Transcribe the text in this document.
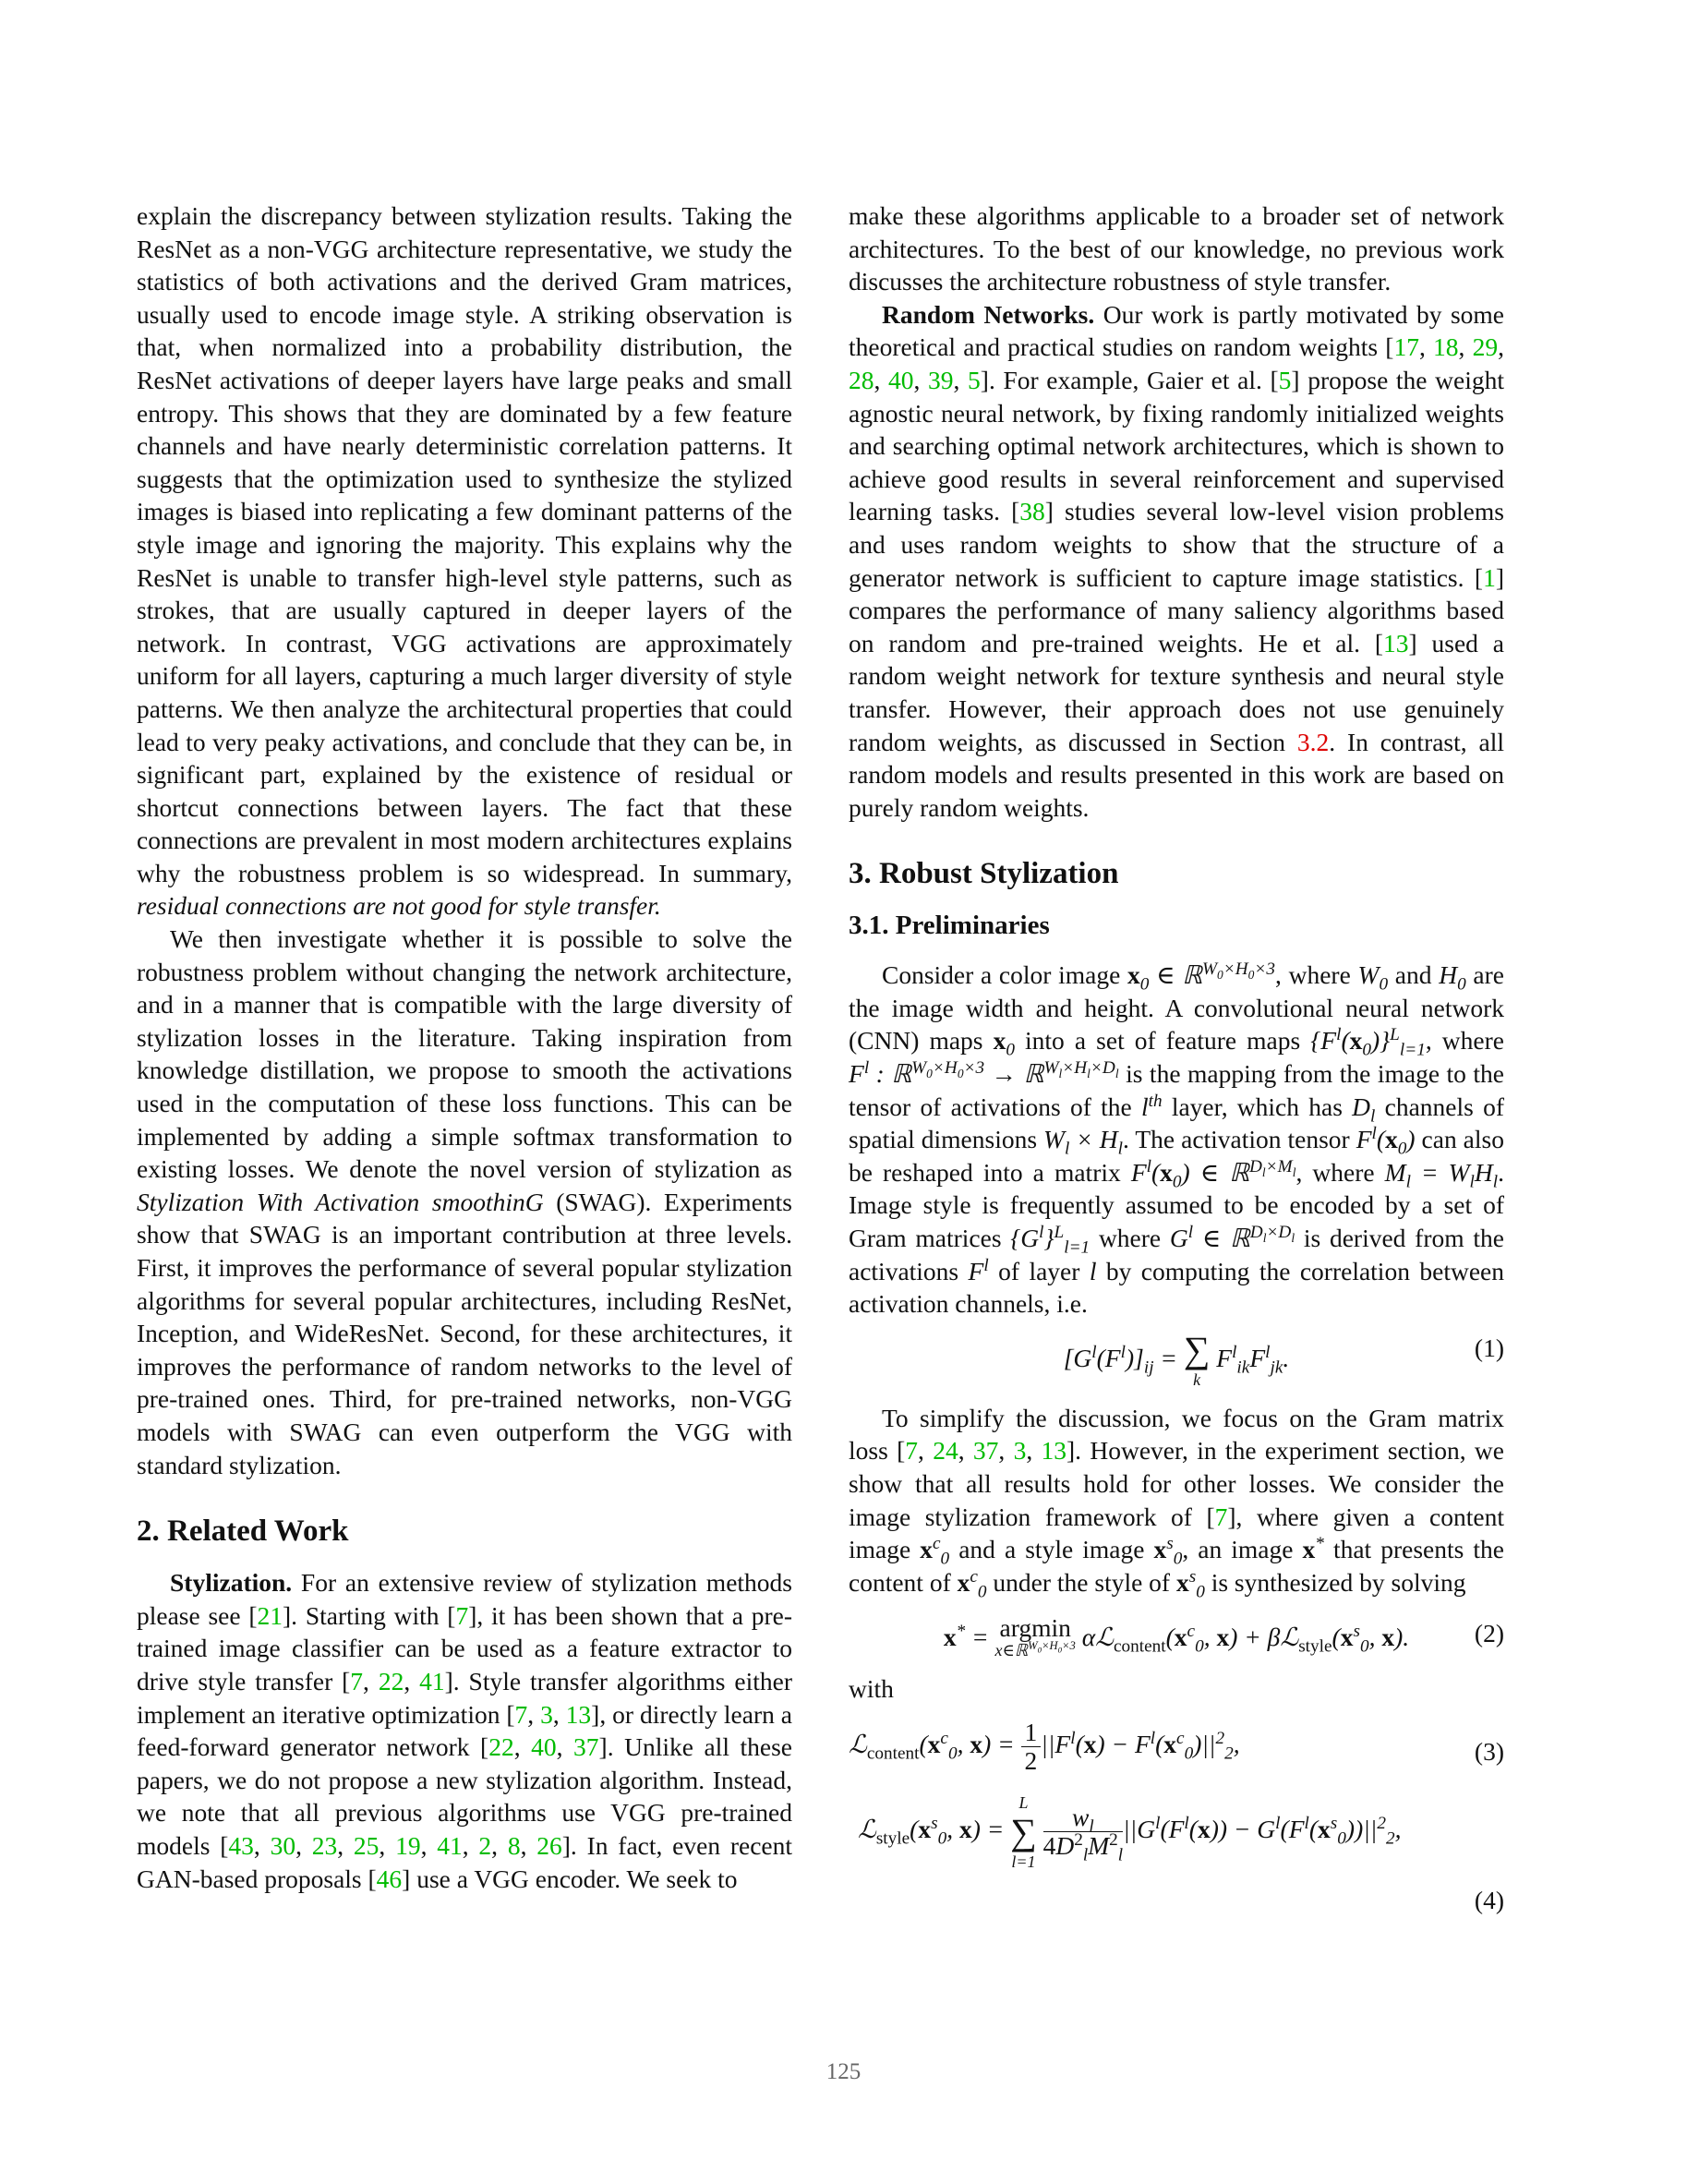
explain the discrepancy between stylization results. Taking the ResNet as a non-VGG architecture representative, we study the statistics of both activations and the derived Gram matrices, usually used to encode image style. A striking observation is that, when normalized into a probability distribution, the ResNet activations of deeper layers have large peaks and small entropy. This shows that they are dominated by a few feature channels and have nearly deterministic correlation patterns. It suggests that the optimization used to synthesize the stylized images is biased into replicating a few dominant patterns of the style image and ignoring the majority. This explains why the ResNet is unable to transfer high-level style patterns, such as strokes, that are usually captured in deeper layers of the network. In contrast, VGG activations are approximately uniform for all layers, capturing a much larger diversity of style patterns. We then analyze the architectural properties that could lead to very peaky activations, and conclude that they can be, in significant part, explained by the existence of residual or shortcut connections between layers. The fact that these connections are prevalent in most modern architectures explains why the robustness problem is so widespread. In summary, residual connections are not good for style transfer.

We then investigate whether it is possible to solve the robustness problem without changing the network architecture, and in a manner that is compatible with the large diversity of stylization losses in the literature. Taking inspiration from knowledge distillation, we propose to smooth the activations used in the computation of these loss functions. This can be implemented by adding a simple softmax transformation to existing losses. We denote the novel version of stylization as Stylization With Activation smoothinG (SWAG). Experiments show that SWAG is an important contribution at three levels. First, it improves the performance of several popular stylization algorithms for several popular architectures, including ResNet, Inception, and WideResNet. Second, for these architectures, it improves the performance of random networks to the level of pre-trained ones. Third, for pre-trained networks, non-VGG models with SWAG can even outperform the VGG with standard stylization.

2. Related Work

Stylization. For an extensive review of stylization methods please see [21]. Starting with [7], it has been shown that a pre-trained image classifier can be used as a feature extractor to drive style transfer [7, 22, 41]. Style transfer algorithms either implement an iterative optimization [7, 3, 13], or directly learn a feed-forward generator network [22, 40, 37]. Unlike all these papers, we do not propose a new stylization algorithm. Instead, we note that all previous algorithms use VGG pre-trained models [43, 30, 23, 25, 19, 41, 2, 8, 26]. In fact, even recent GAN-based proposals [46] use a VGG encoder. We seek to

make these algorithms applicable to a broader set of network architectures. To the best of our knowledge, no previous work discusses the architecture robustness of style transfer.

Random Networks. Our work is partly motivated by some theoretical and practical studies on random weights [17, 18, 29, 28, 40, 39, 5]. For example, Gaier et al. [5] propose the weight agnostic neural network, by fixing randomly initialized weights and searching optimal network architectures, which is shown to achieve good results in several reinforcement and supervised learning tasks. [38] studies several low-level vision problems and uses random weights to show that the structure of a generator network is sufficient to capture image statistics. [1] compares the performance of many saliency algorithms based on random and pre-trained weights. He et al. [13] used a random weight network for texture synthesis and neural style transfer. However, their approach does not use genuinely random weights, as discussed in Section 3.2. In contrast, all random models and results presented in this work are based on purely random weights.

3. Robust Stylization
3.1. Preliminaries

Consider a color image $x_0$ ∈ ℝ$^{W_0\times H_0\times 3}$, where $W_0$ and $H_0$ are the image width and height. A convolutional neural network (CNN) maps $x_0$ into a set of feature maps $\{F^l(x_0)\}^L_{l=1}$, where $F^l$ : ℝ$^{W_0\times H_0\times 3}$ → ℝ$^{W_l\times H_l\times D_l}$ is the mapping from the image to the tensor of activations of the $l^{th}$ layer, which has $D_l$ channels of spatial dimensions $W_l \times H_l$. The activation tensor $F^l(x_0)$ can also be reshaped into a matrix $F^l(x_0)$ ∈ ℝ$^{D_l\times M_l}$, where $M_l = W_lH_l$. Image style is frequently assumed to be encoded by a set of Gram matrices $\{G^l\}^L_{l=1}$ where $G^l$ ∈ ℝ$^{D_l\times D_l}$ is derived from the activations $F^l$ of layer l by computing the correlation between activation channels, i.e.

$[G^l(F^l)]_{ij}$ = ∑
k
$F^l_{ik}F^l_{jk}$.	(1)

To simplify the discussion, we focus on the Gram matrix loss [7, 24, 37, 3, 13]. However, in the experiment section, we show that all results hold for other losses. We consider the image stylization framework of [7], where given a content image $x^c_0$ and a style image $x^s_0$, an image x* that presents the content of $x^c_0$ under the style of $x^s_0$ is synthesized by solving

x* = argmin
x∈ℝ$^{W_0\times H_0\times 3}$ $\alpha ℒ_{content}(x^c_0$, $x) + \beta ℒ_{style}(x^s_0$, x).	(2)

with

$ℒ_{content}(x^c_0$, $x) = \frac{1}{2} ||F^l(x) - F^l(x^c_0)||^2_2$,	(3)
$ℒ_{style}(x^s_0$, x) =
L
∑
l=1

$\frac{w_l}{4D^2_lM^2_l} ||G^l(F^l(x)) - G^l(F^l(x^s_0))||^2_2$,
(4)
125
